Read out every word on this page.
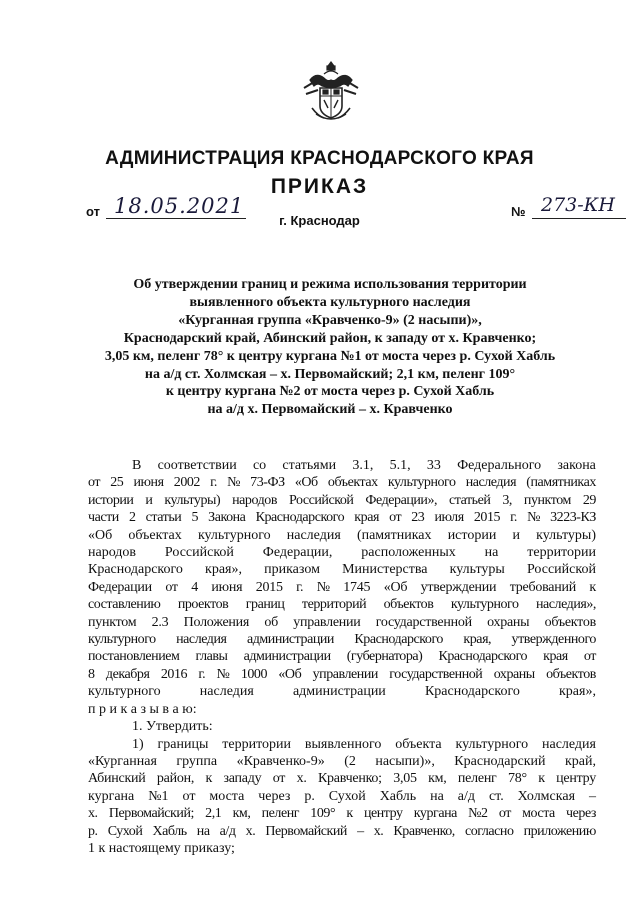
АДМИНИСТРАЦИЯ КРАСНОДАРСКОГО КРАЯ
ПРИКАЗ
от 18.05.2021	№ 273-КН
г. Краснодар
Об утверждении границ и режима использования территории
выявленного объекта культурного наследия
«Курганная группа «Кравченко-9» (2 насыпи)»,
Краснодарский край, Абинский район, к западу от х. Кравченко;
3,05 км, пеленг 78° к центру кургана №1 от моста через р. Сухой Хабль
на а/д ст. Холмская – х. Первомайский; 2,1 км, пеленг 109°
к центру кургана №2 от моста через р. Сухой Хабль
на а/д х. Первомайский – х. Кравченко
В соответствии со статьями 3.1, 5.1, 33 Федерального закона
от 25 июня 2002 г. № 73-ФЗ «Об объектах культурного наследия (памятниках
истории и культуры) народов Российской Федерации», статьей 3, пунктом 29
части 2 статьи 5 Закона Краснодарского края от 23 июля 2015 г. № 3223-КЗ
«Об объектах культурного наследия (памятниках истории и культуры)
народов Российской Федерации, расположенных на территории
Краснодарского края», приказом Министерства культуры Российской
Федерации от 4 июня 2015 г. № 1745 «Об утверждении требований к
составлению проектов границ территорий объектов культурного наследия»,
пунктом 2.3 Положения об управлении государственной охраны объектов
культурного наследия администрации Краснодарского края, утвержденного
постановлением главы администрации (губернатора) Краснодарского края от
8 декабря 2016 г. № 1000 «Об управлении государственной охраны объектов
культурного	наследия	администрации	Краснодарского	края»,
п р и к а з ы в а ю:
1. Утвердить:
1) границы территории выявленного объекта культурного наследия
«Курганная группа «Кравченко-9» (2 насыпи)», Краснодарский край,
Абинский район, к западу от х. Кравченко; 3,05 км, пеленг 78° к центру
кургана №1 от моста через р. Сухой Хабль на а/д ст. Холмская –
х. Первомайский; 2,1 км, пеленг 109° к центру кургана №2 от моста через
р. Сухой Хабль на а/д х. Первомайский – х. Кравченко, согласно приложению
1 к настоящему приказу;
